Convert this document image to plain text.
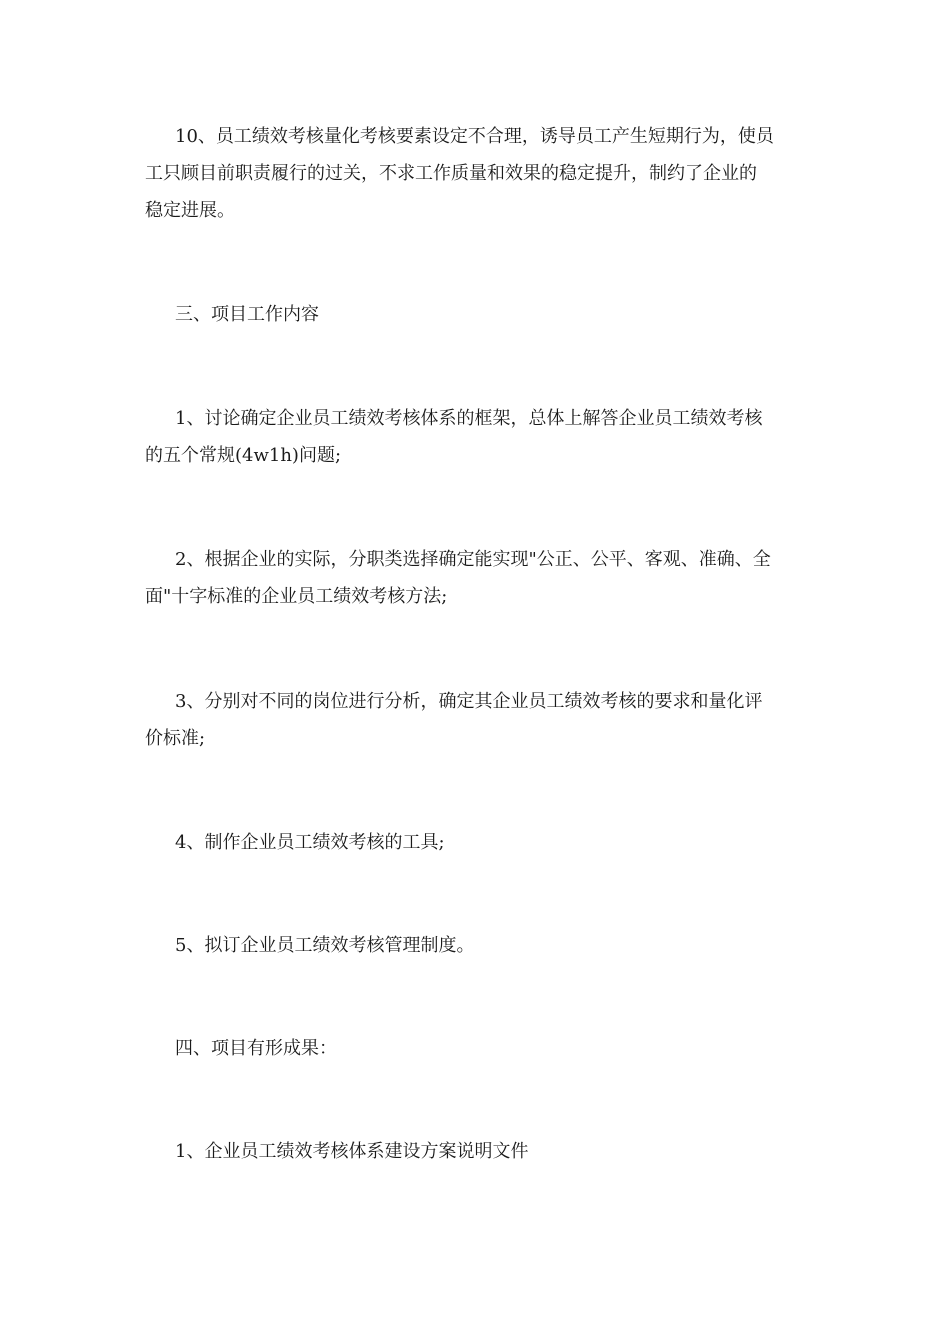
10、员工绩效考核量化考核要素设定不合理，诱导员工产生短期行为，使员
工只顾目前职责履行的过关，不求工作质量和效果的稳定提升，制约了企业的
稳定进展。
三、项目工作内容
1、讨论确定企业员工绩效考核体系的框架，总体上解答企业员工绩效考核
的五个常规(4w1h)问题;
2、根据企业的实际，分职类选择确定能实现"公正、公平、客观、准确、全
面"十字标准的企业员工绩效考核方法;
3、分别对不同的岗位进行分析，确定其企业员工绩效考核的要求和量化评
价标准;
4、制作企业员工绩效考核的工具;
5、拟订企业员工绩效考核管理制度。
四、项目有形成果：
1、企业员工绩效考核体系建设方案说明文件
